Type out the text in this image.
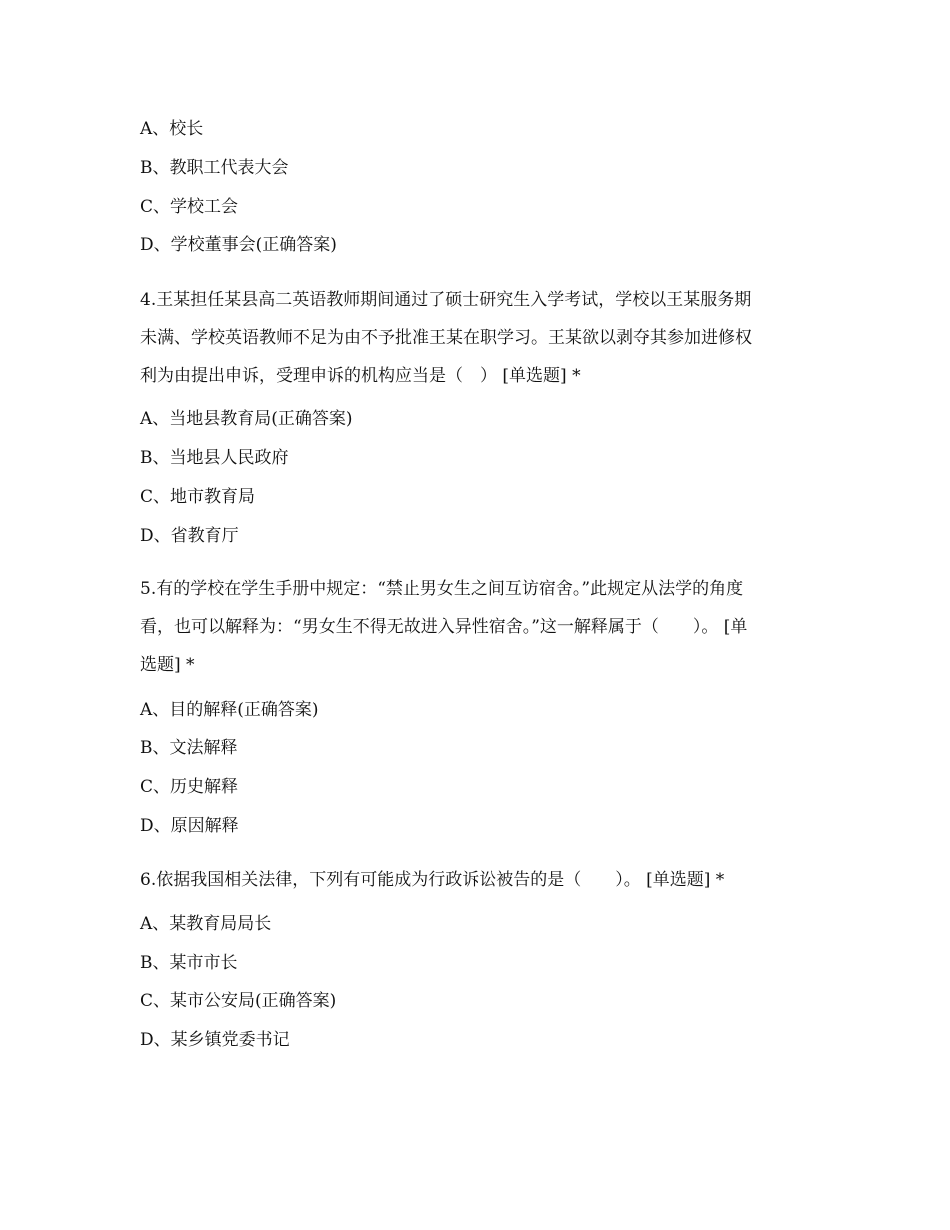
A、校长
B、教职工代表大会
C、学校工会
D、学校董事会(正确答案)
4.王某担任某县高二英语教师期间通过了硕士研究生入学考试，学校以王某服务期
未满、学校英语教师不足为由不予批准王某在职学习。王某欲以剥夺其参加进修权
利为由提出申诉，受理申诉的机构应当是（　） [单选题] *
A、当地县教育局(正确答案)
B、当地县人民政府
C、地市教育局
D、省教育厅
5.有的学校在学生手册中规定：“禁止男女生之间互访宿舍。”此规定从法学的角度
看，也可以解释为：“男女生不得无故进入异性宿舍。”这一解释属于（　　）。 [单
选题] *
A、目的解释(正确答案)
B、文法解释
C、历史解释
D、原因解释
6.依据我国相关法律，下列有可能成为行政诉讼被告的是（　　）。 [单选题] *
A、某教育局局长
B、某市市长
C、某市公安局(正确答案)
D、某乡镇党委书记
